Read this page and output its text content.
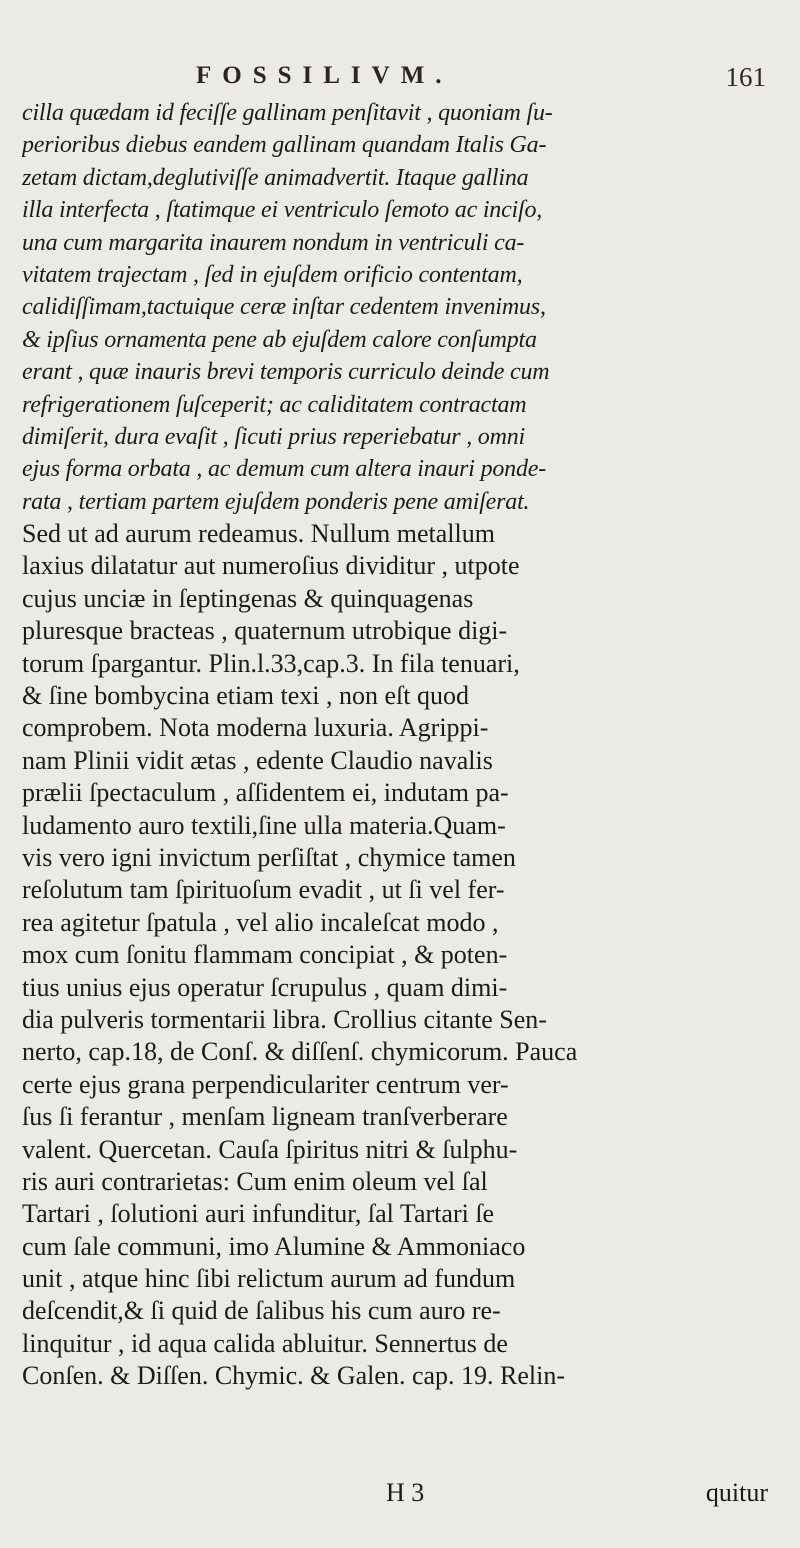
FOSSILIVM.	161
cilla quædam id feciſſe gallinam penſitavit , quoniam ſu-
perioribus diebus eandem gallinam quandam Italis Ga-
zetam dictam,deglutiviſſe animadvertit. Itaque gallina
illa interfecta , ſtatimque ei ventriculo ſemoto ac inciſo,
una cum margarita inaurem nondum in ventriculi ca-
vitatem trajectam , ſed in ejuſdem orificio contentam,
calidiſſimam,tactuique ceræ inſtar cedentem invenimus,
& ipſius ornamenta pene ab ejuſdem calore conſumpta
erant , quæ inauris brevi temporis curriculo deinde cum
refrigerationem ſuſceperit; ac caliditatem contractam
dimiſerit, dura evaſit , ſicuti prius reperiebatur , omni
ejus forma orbata , ac demum cum altera inauri ponde-
rata , tertiam partem ejuſdem ponderis pene amiſerat.
Sed ut ad aurum redeamus. Nullum metallum
laxius dilatatur aut numeroſius dividitur , utpote
cujus unciæ in ſeptingenas & quinquagenas
pluresque bracteas , quaternum utrobique digi-
torum ſpargantur. Plin.l.33,cap.3. In fila tenuari,
& ſine bombycina etiam texi , non eſt quod
comprobem. Nota moderna luxuria. Agrippi-
nam Plinii vidit ætas , edente Claudio navalis
prælii ſpectaculum , aſſidentem ei, indutam pa-
ludamento auro textili,ſine ulla materia.Quam-
vis vero igni invictum perſiſtat , chymice tamen
reſolutum tam ſpirituoſum evadit , ut ſi vel fer-
rea agitetur ſpatula , vel alio incaleſcat modo ,
mox cum ſonitu flammam concipiat , & poten-
tius unius ejus operatur ſcrupulus , quam dimi-
dia pulveris tormentarii libra. Crollius citante Sen-
nerto, cap.18, de Conſ. & diſſenſ. chymicorum. Pauca
certe ejus grana perpendiculariter centrum ver-
ſus ſi ferantur , menſam ligneam tranſverberare
valent. Quercetan. Cauſa ſpiritus nitri & ſulphu-
ris auri contrarietas: Cum enim oleum vel ſal
Tartari , ſolutioni auri infunditur, ſal Tartari ſe
cum ſale communi, imo Alumine & Ammoniaco
unit , atque hinc ſibi relictum aurum ad fundum
deſcendit,& ſi quid de ſalibus his cum auro re-
linquitur , id aqua calida abluitur. Sennertus de
Conſen. & Diſſen. Chymic. & Galen. cap. 19. Relin-
H 3	quitur
